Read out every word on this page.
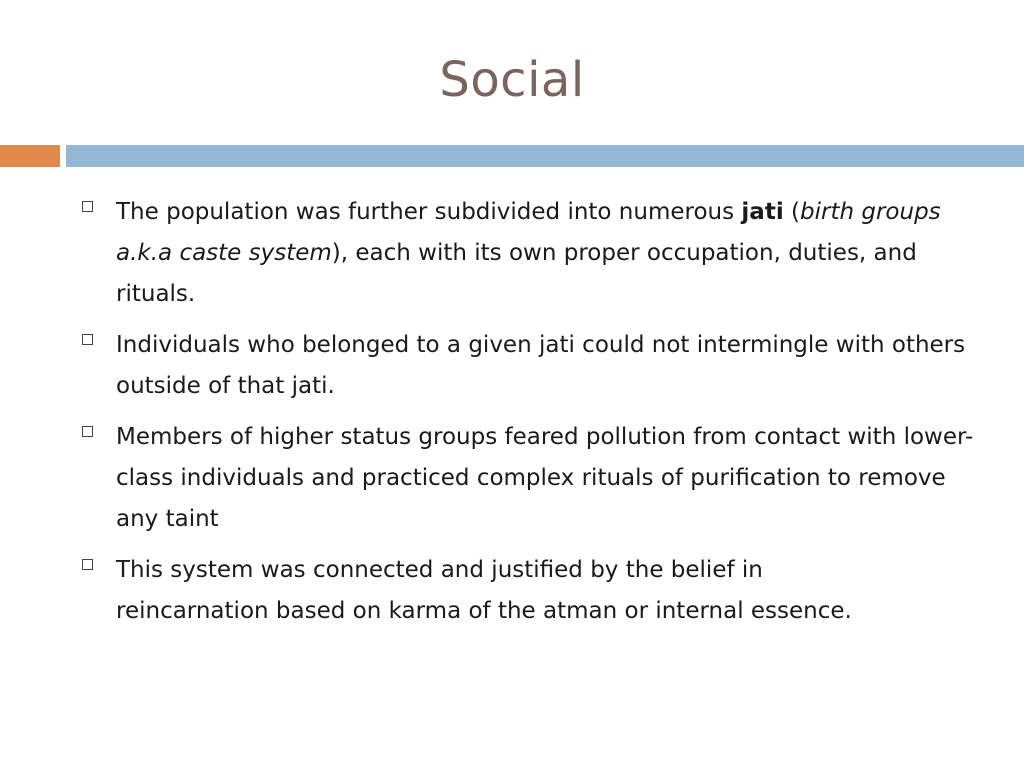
Social
The population was further subdivided into numerous jati (birth groups a.k.a caste system), each with its own proper occupation, duties, and rituals.
Individuals who belonged to a given jati could not intermingle with others outside of that jati.
Members of higher status groups feared pollution from contact with lower-class individuals and practiced complex rituals of purification to remove any taint
This system was connected and justified by the belief in reincarnation based on karma of the atman or internal essence.
